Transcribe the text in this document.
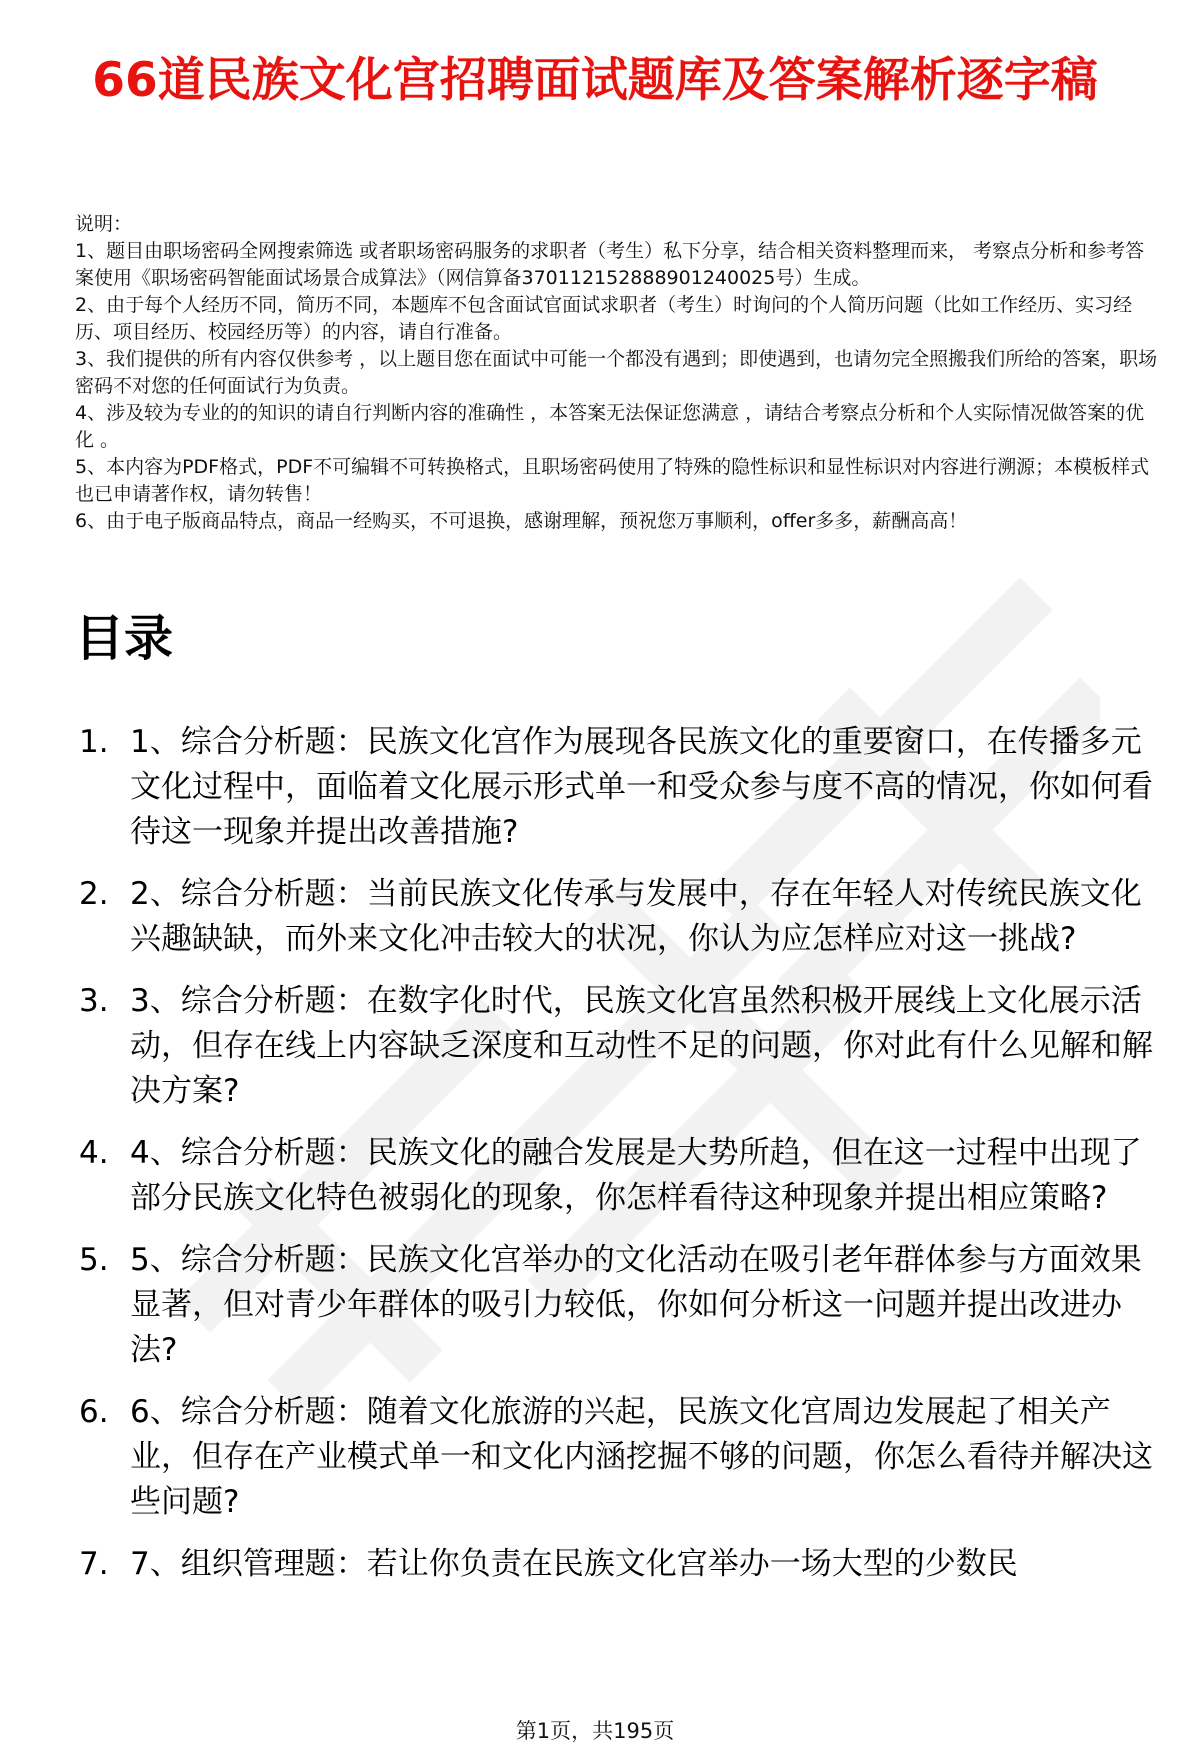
66道民族文化宫招聘面试题库及答案解析逐字稿
说明：
1、题目由职场密码全网搜索筛选 或者职场密码服务的求职者（考生）私下分享，结合相关资料整理而来， 考察点分析和参考答案使用《职场密码智能面试场景合成算法》（网信算备370112152888901240025号）生成。
2、由于每个人经历不同，简历不同，本题库不包含面试官面试求职者（考生）时询问的个人简历问题（比如工作经历、实习经历、项目经历、校园经历等）的内容，请自行准备。
3、我们提供的所有内容仅供参考 ，以上题目您在面试中可能一个都没有遇到；即使遇到，也请勿完全照搬我们所给的答案，职场密码不对您的任何面试行为负责。
4、涉及较为专业的的知识的请自行判断内容的准确性 ，本答案无法保证您满意 ，请结合考察点分析和个人实际情况做答案的优化 。
5、本内容为PDF格式，PDF不可编辑不可转换格式，且职场密码使用了特殊的隐性标识和显性标识对内容进行溯源；本模板样式也已申请著作权，请勿转售！
6、由于电子版商品特点，商品一经购买，不可退换，感谢理解，预祝您万事顺利，offer多多，薪酬高高！
目录
1. 1、综合分析题：民族文化宫作为展现各民族文化的重要窗口，在传播多元文化过程中，面临着文化展示形式单一和受众参与度不高的情况，你如何看待这一现象并提出改善措施?
2. 2、综合分析题：当前民族文化传承与发展中，存在年轻人对传统民族文化兴趣缺缺，而外来文化冲击较大的状况，你认为应怎样应对这一挑战?
3. 3、综合分析题：在数字化时代，民族文化宫虽然积极开展线上文化展示活动，但存在线上内容缺乏深度和互动性不足的问题，你对此有什么见解和解决方案?
4. 4、综合分析题：民族文化的融合发展是大势所趋，但在这一过程中出现了部分民族文化特色被弱化的现象，你怎样看待这种现象并提出相应策略?
5. 5、综合分析题：民族文化宫举办的文化活动在吸引老年群体参与方面效果显著，但对青少年群体的吸引力较低，你如何分析这一问题并提出改进办法?
6. 6、综合分析题：随着文化旅游的兴起，民族文化宫周边发展起了相关产业，但存在产业模式单一和文化内涵挖掘不够的问题，你怎么看待并解决这些问题?
7. 7、组织管理题：若让你负责在民族文化宫举办一场大型的少数民
第1页，共195页
